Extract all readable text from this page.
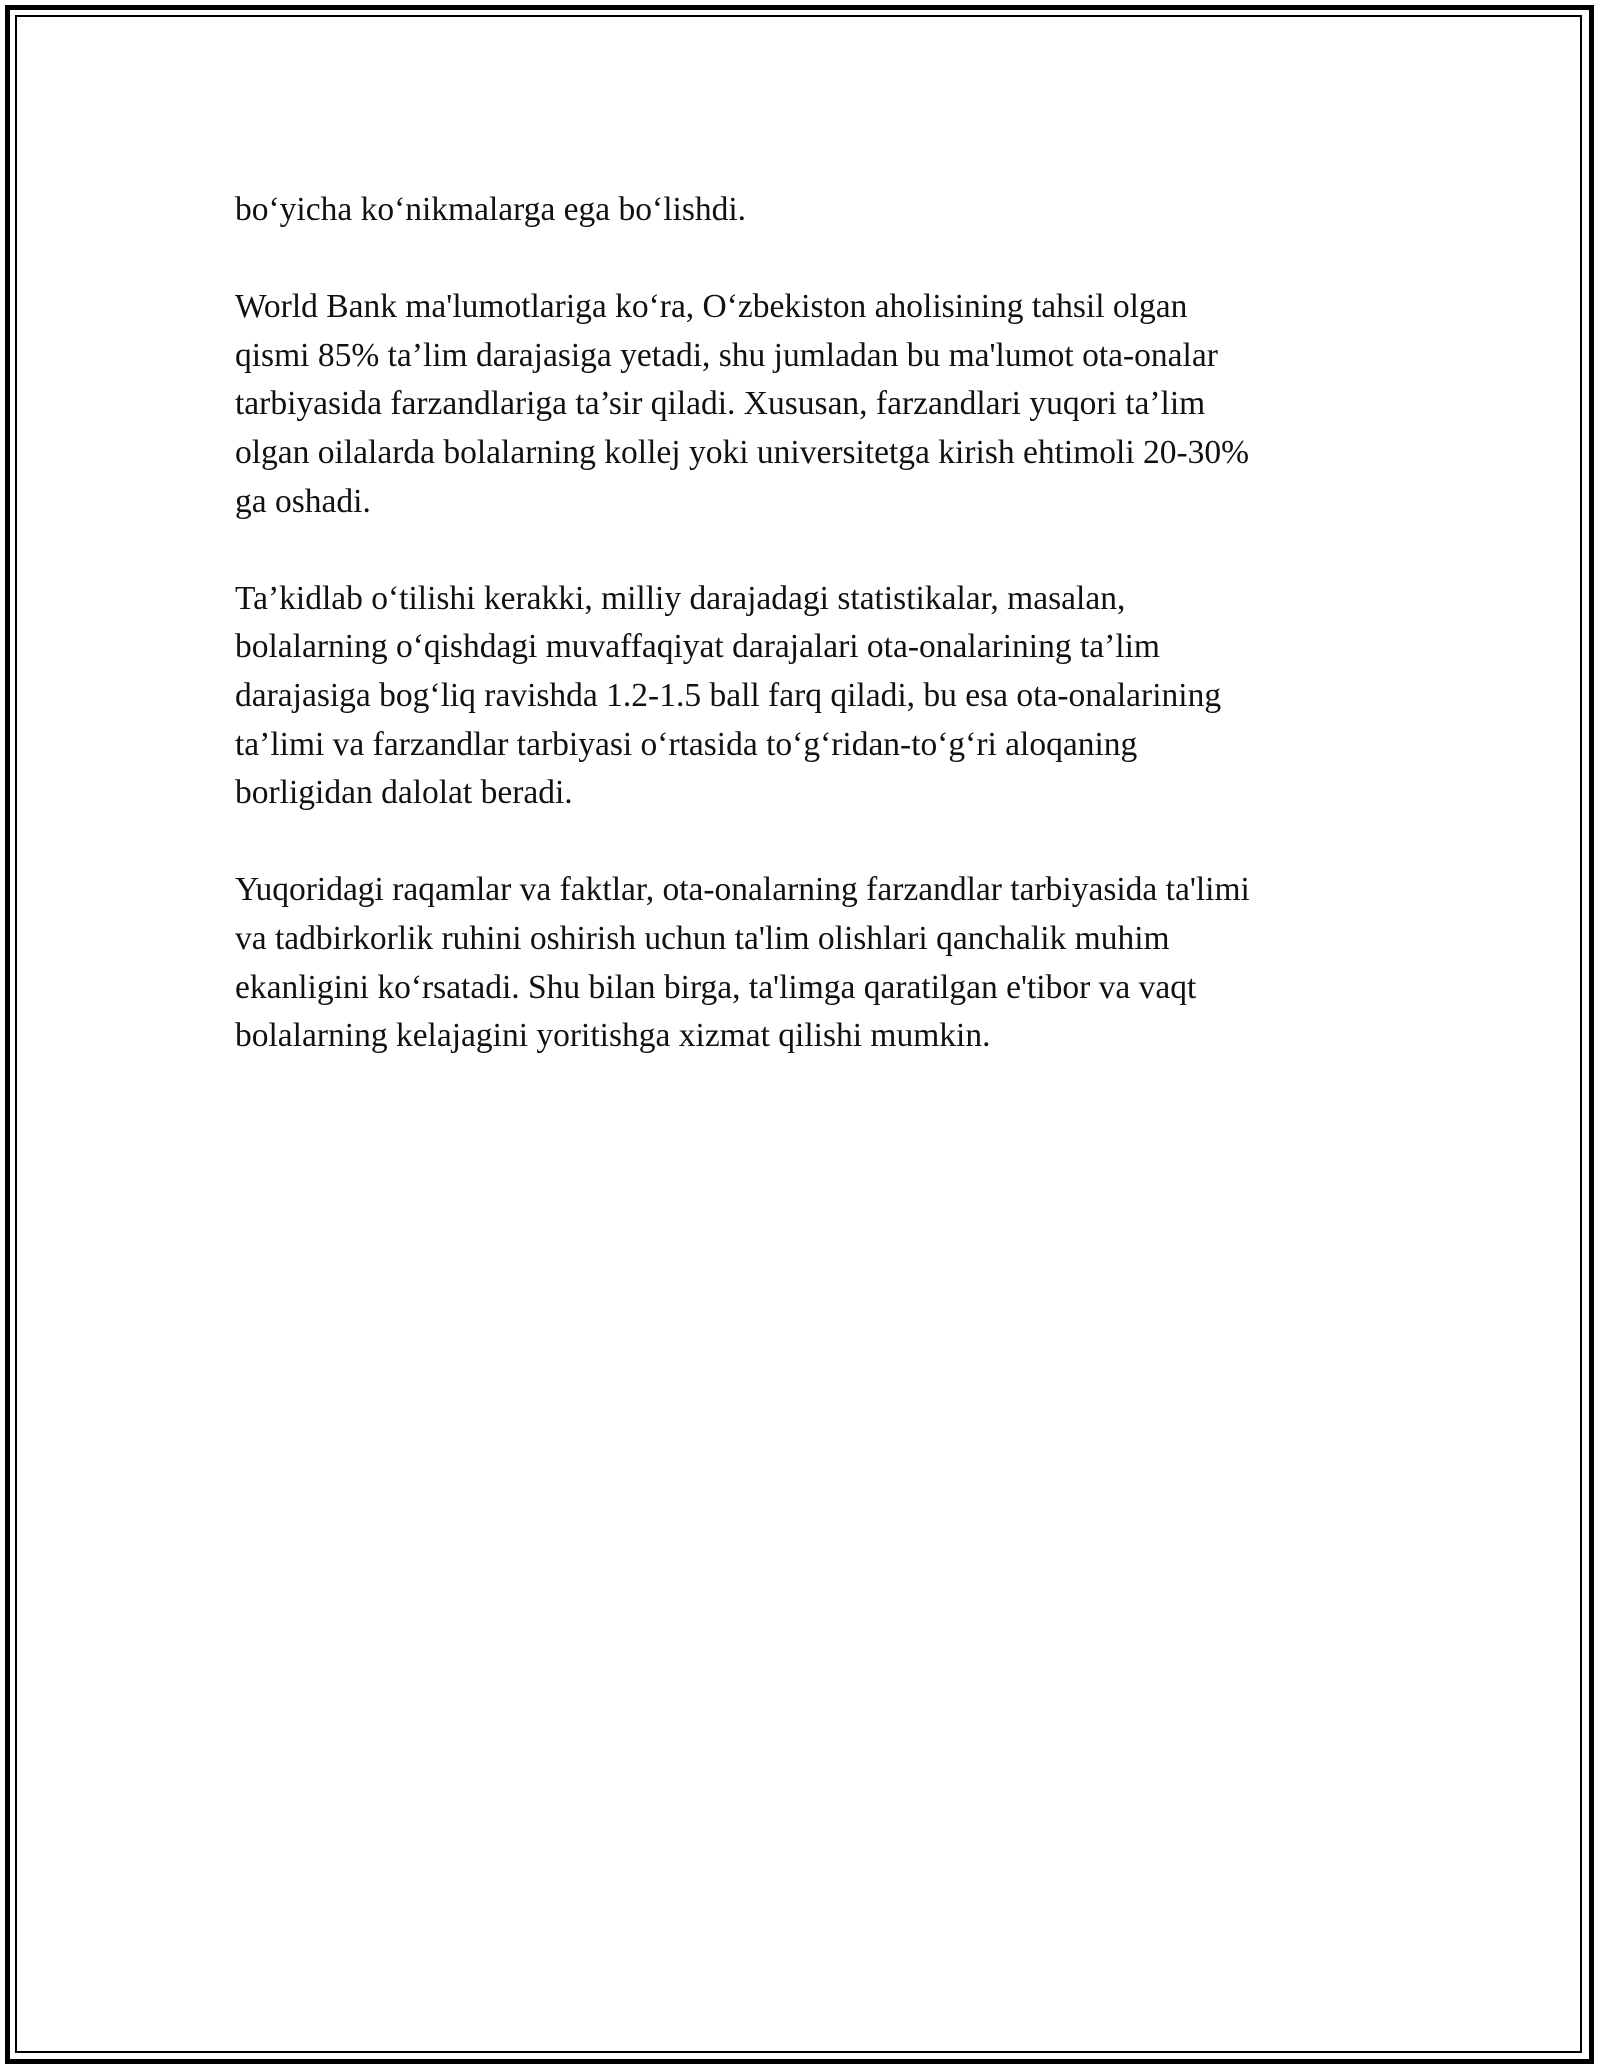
bo‘yicha ko‘nikmalarga ega bo‘lishdi.

World Bank ma'lumotlariga ko‘ra, O‘zbekiston aholisining tahsil olgan
qismi 85% ta’lim darajasiga yetadi, shu jumladan bu ma'lumot ota-onalar
tarbiyasida farzandlariga ta’sir qiladi. Xususan, farzandlari yuqori ta’lim
olgan oilalarda bolalarning kollej yoki universitetga kirish ehtimoli 20-30%
ga oshadi.

Ta’kidlab o‘tilishi kerakki, milliy darajadagi statistikalar, masalan,
bolalarning o‘qishdagi muvaffaqiyat darajalari ota-onalarining ta’lim
darajasiga bog‘liq ravishda 1.2-1.5 ball farq qiladi, bu esa ota-onalarining
ta’limi va farzandlar tarbiyasi o‘rtasida to‘g‘ridan-to‘g‘ri aloqaning
borligidan dalolat beradi.

Yuqoridagi raqamlar va faktlar, ota-onalarning farzandlar tarbiyasida ta'limi
va tadbirkorlik ruhini oshirish uchun ta'lim olishlari qanchalik muhim
ekanligini ko‘rsatadi. Shu bilan birga, ta'limga qaratilgan e'tibor va vaqt
bolalarning kelajagini yoritishga xizmat qilishi mumkin.
